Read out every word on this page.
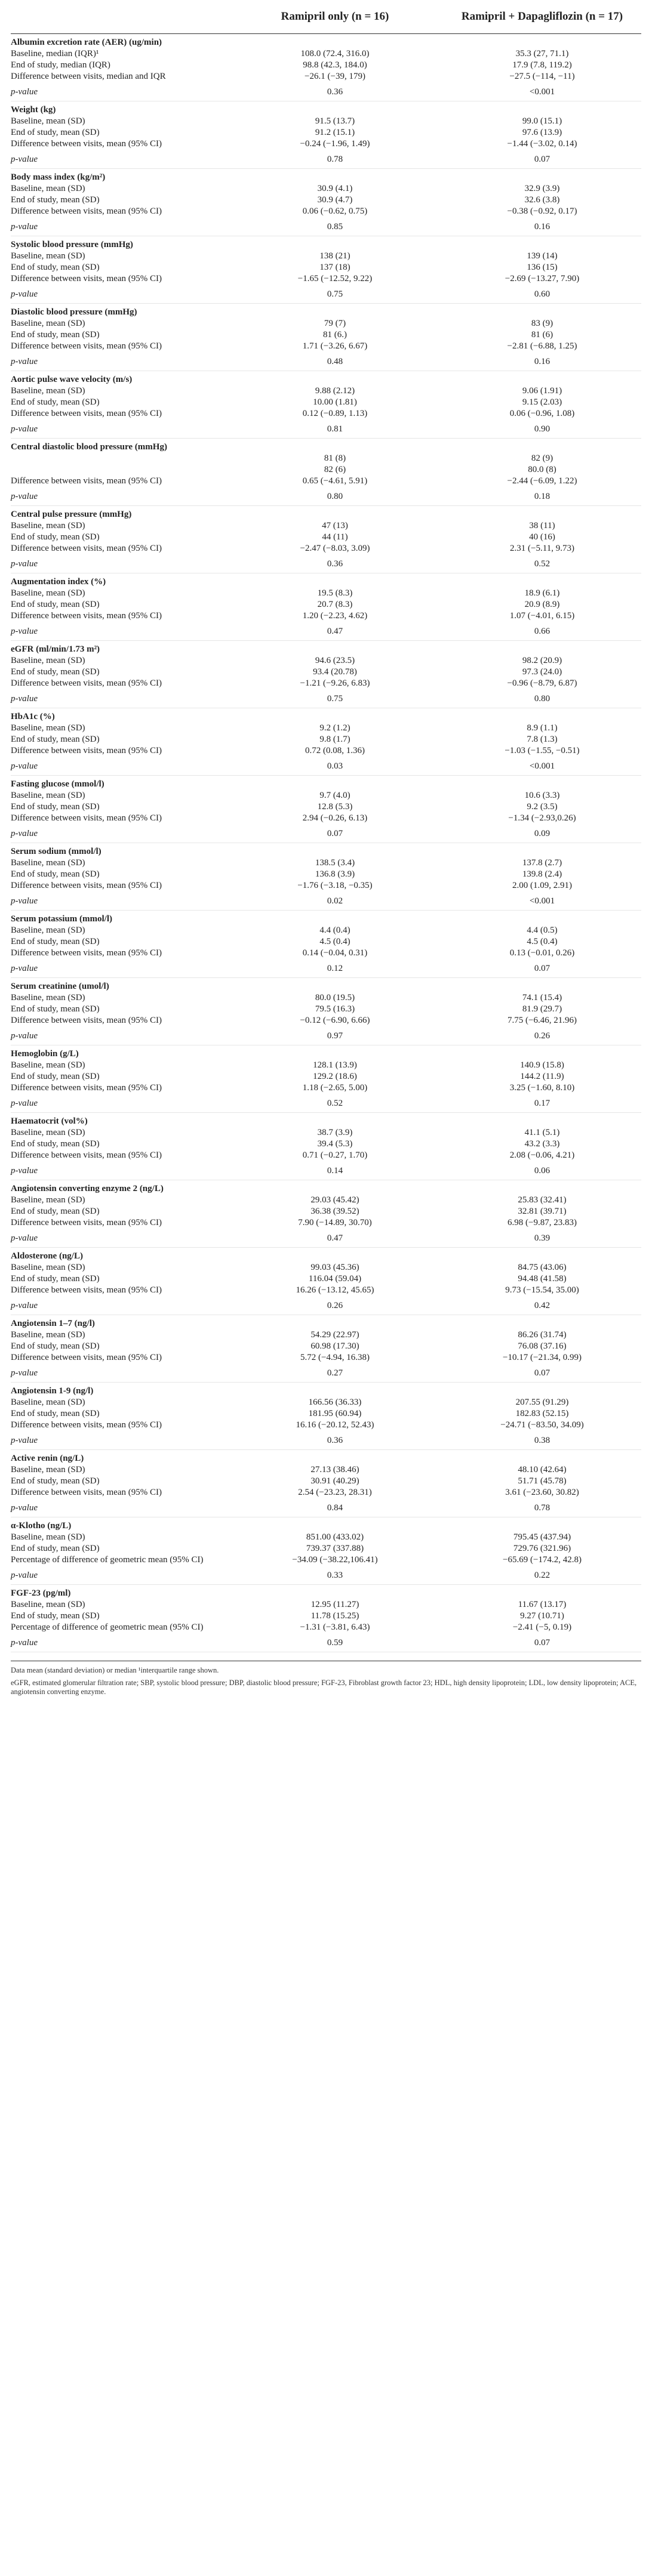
	Ramipril only (n = 16)	Ramipril + Dapagliflozin (n = 17)
Albumin excretion rate (AER) (ug/min)		
Baseline, median (IQR)¹	108.0 (72.4, 316.0)	35.3 (27, 71.1)
End of study, median (IQR)	98.8 (42.3, 184.0)	17.9 (7.8, 119.2)
Difference between visits, median and IQR	−26.1 (−39, 179)	−27.5 (−114, −11)
p-value	0.36	<0.001
Weight (kg)		
Baseline, mean (SD)	91.5 (13.7)	99.0 (15.1)
End of study, mean (SD)	91.2 (15.1)	97.6 (13.9)
Difference between visits, mean (95% CI)	−0.24 (−1.96, 1.49)	−1.44 (−3.02, 0.14)
p-value	0.78	0.07
Body mass index (kg/m²)		
Baseline, mean (SD)	30.9 (4.1)	32.9 (3.9)
End of study, mean (SD)	30.9 (4.7)	32.6 (3.8)
Difference between visits, mean (95% CI)	0.06 (−0.62, 0.75)	−0.38 (−0.92, 0.17)
p-value	0.85	0.16
Systolic blood pressure (mmHg)		
Baseline, mean (SD)	138 (21)	139 (14)
End of study, mean (SD)	137 (18)	136 (15)
Difference between visits, mean (95% CI)	−1.65 (−12.52, 9.22)	−2.69 (−13.27, 7.90)
p-value	0.75	0.60
Diastolic blood pressure (mmHg)		
Baseline, mean (SD)	79 (7)	83 (9)
End of study, mean (SD)	81 (6.)	81 (6)
Difference between visits, mean (95% CI)	1.71 (−3.26, 6.67)	−2.81 (−6.88, 1.25)
p-value	0.48	0.16
Aortic pulse wave velocity (m/s)		
Baseline, mean (SD)	9.88 (2.12)	9.06 (1.91)
End of study, mean (SD)	10.00 (1.81)	9.15 (2.03)
Difference between visits, mean (95% CI)	0.12 (−0.89, 1.13)	0.06 (−0.96, 1.08)
p-value	0.81	0.90
Central diastolic blood pressure (mmHg)		
	81 (8)	82 (9)
	82 (6)	80.0 (8)
Difference between visits, mean (95% CI)	0.65 (−4.61, 5.91)	−2.44 (−6.09, 1.22)
p-value	0.80	0.18
Central pulse pressure (mmHg)		
Baseline, mean (SD)	47 (13)	38 (11)
End of study, mean (SD)	44 (11)	40 (16)
Difference between visits, mean (95% CI)	−2.47 (−8.03, 3.09)	2.31 (−5.11, 9.73)
p-value	0.36	0.52
Augmentation index (%)		
Baseline, mean (SD)	19.5 (8.3)	18.9 (6.1)
End of study, mean (SD)	20.7 (8.3)	20.9 (8.9)
Difference between visits, mean (95% CI)	1.20 (−2.23, 4.62)	1.07 (−4.01, 6.15)
p-value	0.47	0.66
eGFR (ml/min/1.73 m²)		
Baseline, mean (SD)	94.6 (23.5)	98.2 (20.9)
End of study, mean (SD)	93.4 (20.78)	97.3 (24.0)
Difference between visits, mean (95% CI)	−1.21 (−9.26, 6.83)	−0.96 (−8.79, 6.87)
p-value	0.75	0.80
HbA1c (%)		
Baseline, mean (SD)	9.2 (1.2)	8.9 (1.1)
End of study, mean (SD)	9.8 (1.7)	7.8 (1.3)
Difference between visits, mean (95% CI)	0.72 (0.08, 1.36)	−1.03 (−1.55, −0.51)
p-value	0.03	<0.001
Fasting glucose (mmol/l)		
Baseline, mean (SD)	9.7 (4.0)	10.6 (3.3)
End of study, mean (SD)	12.8 (5.3)	9.2 (3.5)
Difference between visits, mean (95% CI)	2.94 (−0.26, 6.13)	−1.34 (−2.93,0.26)
p-value	0.07	0.09
Serum sodium (mmol/l)		
Baseline, mean (SD)	138.5 (3.4)	137.8 (2.7)
End of study, mean (SD)	136.8 (3.9)	139.8 (2.4)
Difference between visits, mean (95% CI)	−1.76 (−3.18, −0.35)	2.00 (1.09, 2.91)
p-value	0.02	<0.001
Serum potassium (mmol/l)		
Baseline, mean (SD)	4.4 (0.4)	4.4 (0.5)
End of study, mean (SD)	4.5 (0.4)	4.5 (0.4)
Difference between visits, mean (95% CI)	0.14 (−0.04, 0.31)	0.13 (−0.01, 0.26)
p-value	0.12	0.07
Serum creatinine (umol/l)		
Baseline, mean (SD)	80.0 (19.5)	74.1 (15.4)
End of study, mean (SD)	79.5 (16.3)	81.9 (29.7)
Difference between visits, mean (95% CI)	−0.12 (−6.90, 6.66)	7.75 (−6.46, 21.96)
p-value	0.97	0.26
Hemoglobin (g/L)		
Baseline, mean (SD)	128.1 (13.9)	140.9 (15.8)
End of study, mean (SD)	129.2 (18.6)	144.2 (11.9)
Difference between visits, mean (95% CI)	1.18 (−2.65, 5.00)	3.25 (−1.60, 8.10)
p-value	0.52	0.17
Haematocrit (vol%)		
Baseline, mean (SD)	38.7 (3.9)	41.1 (5.1)
End of study, mean (SD)	39.4 (5.3)	43.2 (3.3)
Difference between visits, mean (95% CI)	0.71 (−0.27, 1.70)	2.08 (−0.06, 4.21)
p-value	0.14	0.06
Angiotensin converting enzyme 2 (ng/L)		
Baseline, mean (SD)	29.03 (45.42)	25.83 (32.41)
End of study, mean (SD)	36.38 (39.52)	32.81 (39.71)
Difference between visits, mean (95% CI)	7.90 (−14.89, 30.70)	6.98 (−9.87, 23.83)
p-value	0.47	0.39
Aldosterone (ng/L)		
Baseline, mean (SD)	99.03 (45.36)	84.75 (43.06)
End of study, mean (SD)	116.04 (59.04)	94.48 (41.58)
Difference between visits, mean (95% CI)	16.26 (−13.12, 45.65)	9.73 (−15.54, 35.00)
p-value	0.26	0.42
Angiotensin 1–7 (ng/l)		
Baseline, mean (SD)	54.29 (22.97)	86.26 (31.74)
End of study, mean (SD)	60.98 (17.30)	76.08 (37.16)
Difference between visits, mean (95% CI)	5.72 (−4.94, 16.38)	−10.17 (−21.34, 0.99)
p-value	0.27	0.07
Angiotensin 1-9 (ng/l)		
Baseline, mean (SD)	166.56 (36.33)	207.55 (91.29)
End of study, mean (SD)	181.95 (60.94)	182.83 (52.15)
Difference between visits, mean (95% CI)	16.16 (−20.12, 52.43)	−24.71 (−83.50, 34.09)
p-value	0.36	0.38
Active renin (ng/L)		
Baseline, mean (SD)	27.13 (38.46)	48.10 (42.64)
End of study, mean (SD)	30.91 (40.29)	51.71 (45.78)
Difference between visits, mean (95% CI)	2.54 (−23.23, 28.31)	3.61 (−23.60, 30.82)
p-value	0.84	0.78
α-Klotho (ng/L)		
Baseline, mean (SD)	851.00 (433.02)	795.45 (437.94)
End of study, mean (SD)	739.37 (337.88)	729.76 (321.96)
Percentage of difference of geometric mean (95% CI)	−34.09 (−38.22,106.41)	−65.69 (−174.2, 42.8)
p-value	0.33	0.22
FGF-23 (pg/ml)		
Baseline, mean (SD)	12.95 (11.27)	11.67 (13.17)
End of study, mean (SD)	11.78 (15.25)	9.27 (10.71)
Percentage of difference of geometric mean (95% CI)	−1.31 (−3.81, 6.43)	−2.41 (−5, 0.19)
p-value	0.59	0.07

Data mean (standard deviation) or median ¹interquartile range shown.

eGFR, estimated glomerular filtration rate; SBP, systolic blood pressure; DBP, diastolic blood pressure; FGF-23, Fibroblast growth factor 23; HDL, high density lipoprotein; LDL, low density lipoprotein; ACE, angiotensin converting enzyme.
